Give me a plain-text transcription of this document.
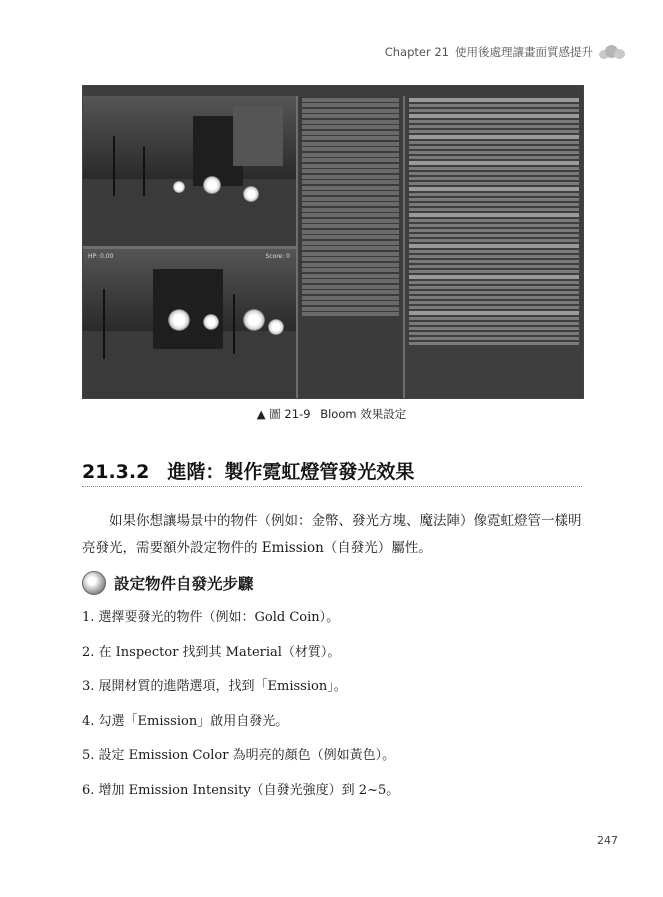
Chapter 21 使用後處理讓畫面質感提升
HP: 0.00	Score: 0
▲ 圖 21-9 Bloom 效果設定
21.3.2 進階：製作霓虹燈管發光效果

如果你想讓場景中的物件（例如：金幣、發光方塊、魔法陣）像霓虹燈管一樣明亮發光，需要額外設定物件的 Emission（自發光）屬性。

設定物件自發光步驟
1. 選擇要發光的物件（例如：Gold Coin）。
2. 在 Inspector 找到其 Material（材質）。
3. 展開材質的進階選項，找到「Emission」。
4. 勾選「Emission」啟用自發光。
5. 設定 Emission Color 為明亮的顏色（例如黃色）。
6. 增加 Emission Intensity（自發光強度）到 2~5。
247
